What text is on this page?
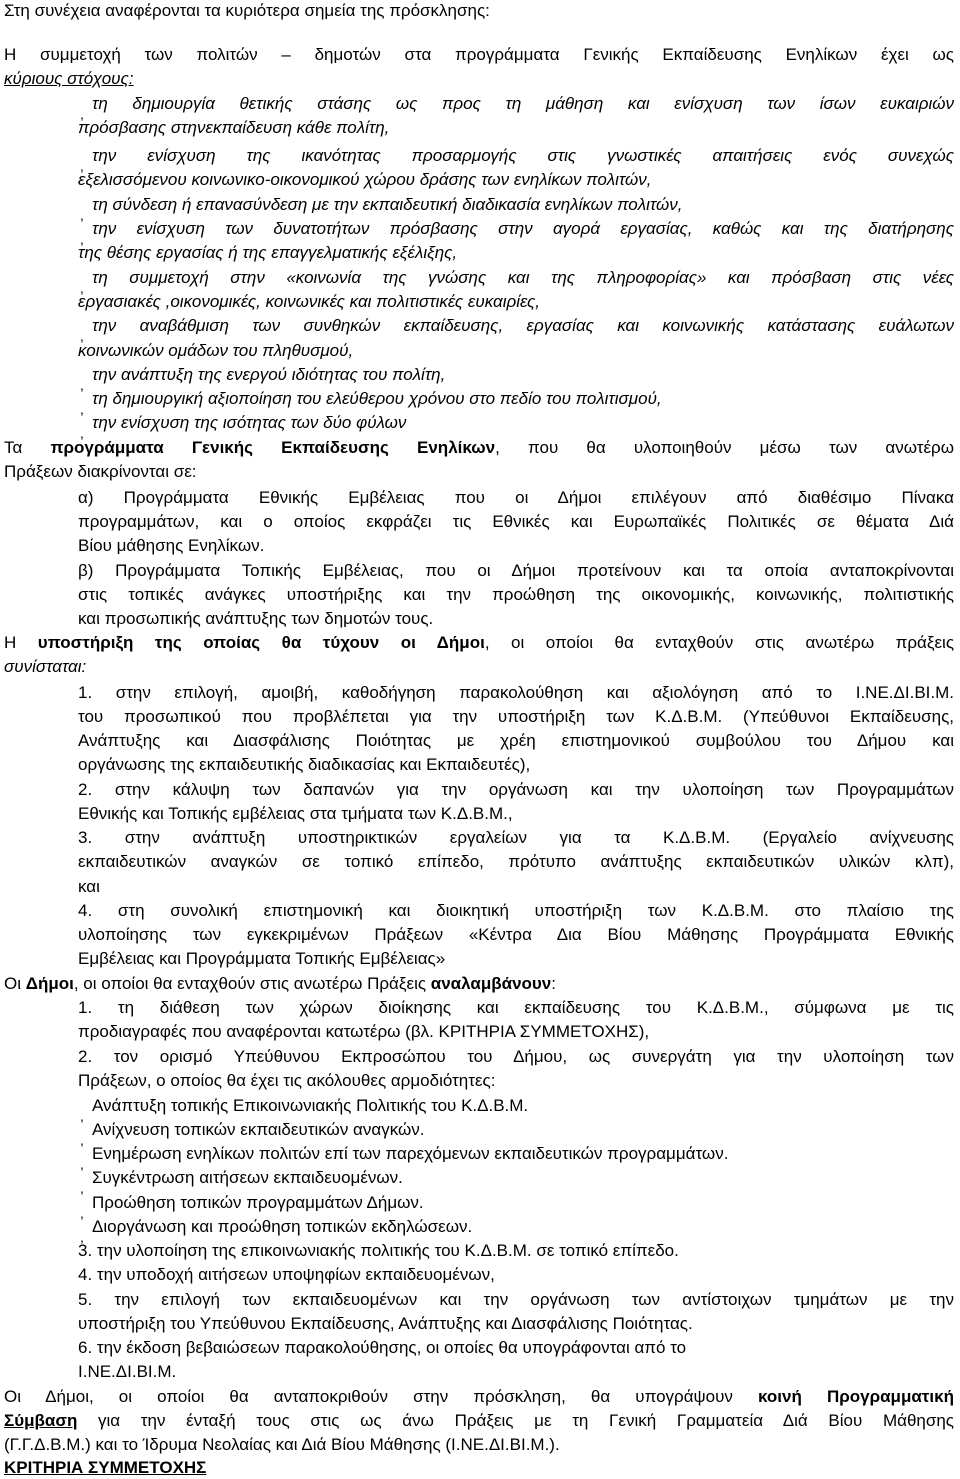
Στη συνέχεια αναφέρονται τα κυριότερα σημεία της πρόσκλησης:
Η συμμετοχή των πολιτών – δημοτών στα προγράμματα Γενικής Εκπαίδευσης Ενηλίκων έχει ως
κύριους στόχους:
τη δημιουργία θετικής στάσης ως προς τη μάθηση και ενίσχυση των ίσων ευκαιριών
πρόσβασης στηνεκπαίδευση κάθε πολίτη,
την ενίσχυση της ικανότητας προσαρμογής στις γνωστικές απαιτήσεις ενός συνεχώς
εξελισσόμενου κοινωνικο-οικονομικού χώρου δράσης των ενηλίκων πολιτών,
τη σύνδεση ή επανασύνδεση με την εκπαιδευτική διαδικασία ενηλίκων πολιτών,
την ενίσχυση των δυνατοτήτων πρόσβασης στην αγορά εργασίας, καθώς και της διατήρησης
της θέσης εργασίας ή της επαγγελματικής εξέλιξης,
τη συμμετοχή στην «κοινωνία της γνώσης και της πληροφορίας» και πρόσβαση στις νέες
εργασιακές ,οικονομικές, κοινωνικές και πολιτιστικές ευκαιρίες,
την αναβάθμιση των συνθηκών εκπαίδευσης, εργασίας και κοινωνικής κατάστασης ευάλωτων
κοινωνικών ομάδων του πληθυσμού,
την ανάπτυξη της ενεργού ιδιότητας του πολίτη,
τη δημιουργική αξιοποίηση του ελεύθερου χρόνου στο πεδίο του πολιτισμού,
την ενίσχυση της ισότητας των δύο φύλων
Τα προγράμματα Γενικής Εκπαίδευσης Ενηλίκων, που θα υλοποιηθούν μέσω των ανωτέρω
Πράξεων διακρίνονται σε:
α) Προγράμματα Εθνικής Εμβέλειας που οι Δήμοι επιλέγουν από διαθέσιμο Πίνακα
προγραμμάτων, και ο οποίος εκφράζει τις Εθνικές και Ευρωπαϊκές Πολιτικές σε θέματα Διά
Βίου μάθησης Ενηλίκων.
β) Προγράμματα Τοπικής Εμβέλειας, που οι Δήμοι προτείνουν και τα οποία ανταποκρίνονται
στις τοπικές ανάγκες υποστήριξης και την προώθηση της οικονομικής, κοινωνικής, πολιτιστικής
και προσωπικής ανάπτυξης των δημοτών τους.
Η υποστήριξη της οποίας θα τύχουν οι Δήμοι, οι οποίοι θα ενταχθούν στις ανωτέρω πράξεις
συνίσταται:
1. στην επιλογή, αμοιβή, καθοδήγηση παρακολούθηση και αξιολόγηση από το Ι.ΝΕ.ΔΙ.ΒΙ.Μ.
του προσωπικού που προβλέπεται για την υποστήριξη των Κ.Δ.Β.Μ. (Υπεύθυνοι Εκπαίδευσης,
Ανάπτυξης και Διασφάλισης Ποιότητας με χρέη επιστημονικού συμβούλου του Δήμου και
οργάνωσης της εκπαιδευτικής διαδικασίας και Εκπαιδευτές),
2. στην κάλυψη των δαπανών για την οργάνωση και την υλοποίηση των Προγραμμάτων
Εθνικής και Τοπικής εμβέλειας στα τμήματα των Κ.Δ.Β.Μ.,
3. στην ανάπτυξη υποστηρικτικών εργαλείων για τα Κ.Δ.Β.Μ. (Εργαλείο ανίχνευσης
εκπαιδευτικών αναγκών σε τοπικό επίπεδο, πρότυπο ανάπτυξης εκπαιδευτικών υλικών κλπ),
και
4. στη συνολική επιστημονική και διοικητική υποστήριξη των Κ.Δ.Β.Μ. στο πλαίσιο της
υλοποίησης των εγκεκριμένων Πράξεων «Κέντρα Δια Βίου Μάθησης Προγράμματα Εθνικής
Εμβέλειας και Προγράμματα Τοπικής Εμβέλειας»
Οι Δήμοι, οι οποίοι θα ενταχθούν στις ανωτέρω Πράξεις αναλαμβάνουν:
1. τη διάθεση των χώρων διοίκησης και εκπαίδευσης του Κ.Δ.Β.Μ., σύμφωνα με τις
προδιαγραφές που αναφέρονται κατωτέρω (βλ. ΚΡΙΤΗΡΙΑ ΣΥΜΜΕΤΟΧΗΣ),
2. τον ορισμό Υπεύθυνου Εκπροσώπου του Δήμου, ως συνεργάτη για την υλοποίηση των
Πράξεων, ο οποίος θα έχει τις ακόλουθες αρμοδιότητες:
Ανάπτυξη τοπικής Επικοινωνιακής Πολιτικής του Κ.Δ.Β.Μ.
Ανίχνευση τοπικών εκπαιδευτικών αναγκών.
Ενημέρωση ενηλίκων πολιτών επί των παρεχόμενων εκπαιδευτικών προγραμμάτων.
Συγκέντρωση αιτήσεων εκπαιδευομένων.
Προώθηση τοπικών προγραμμάτων Δήμων.
Διοργάνωση και προώθηση τοπικών εκδηλώσεων.
3. την υλοποίηση της επικοινωνιακής πολιτικής του Κ.Δ.Β.Μ. σε τοπικό επίπεδο.
4. την υποδοχή αιτήσεων υποψηφίων εκπαιδευομένων,
5. την επιλογή των εκπαιδευομένων και την οργάνωση των αντίστοιχων τμημάτων με την
υποστήριξη του Υπεύθυνου Εκπαίδευσης, Ανάπτυξης και Διασφάλισης Ποιότητας.
6. την έκδοση βεβαιώσεων παρακολούθησης, οι οποίες θα υπογράφονται από το
Ι.ΝΕ.ΔΙ.ΒΙ.Μ.
Οι Δήμοι, οι οποίοι θα ανταποκριθούν στην πρόσκληση, θα υπογράψουν κοινή Προγραμματική
Σύμβαση για την ένταξή τους στις ως άνω Πράξεις με τη Γενική Γραμματεία Διά Βίου Μάθησης
(Γ.Γ.Δ.Β.Μ.) και το Ίδρυμα Νεολαίας και Διά Βίου Μάθησης (Ι.ΝΕ.ΔΙ.ΒΙ.Μ.).
ΚΡΙΤΗΡΙΑ ΣΥΜΜΕΤΟΧΗΣ
